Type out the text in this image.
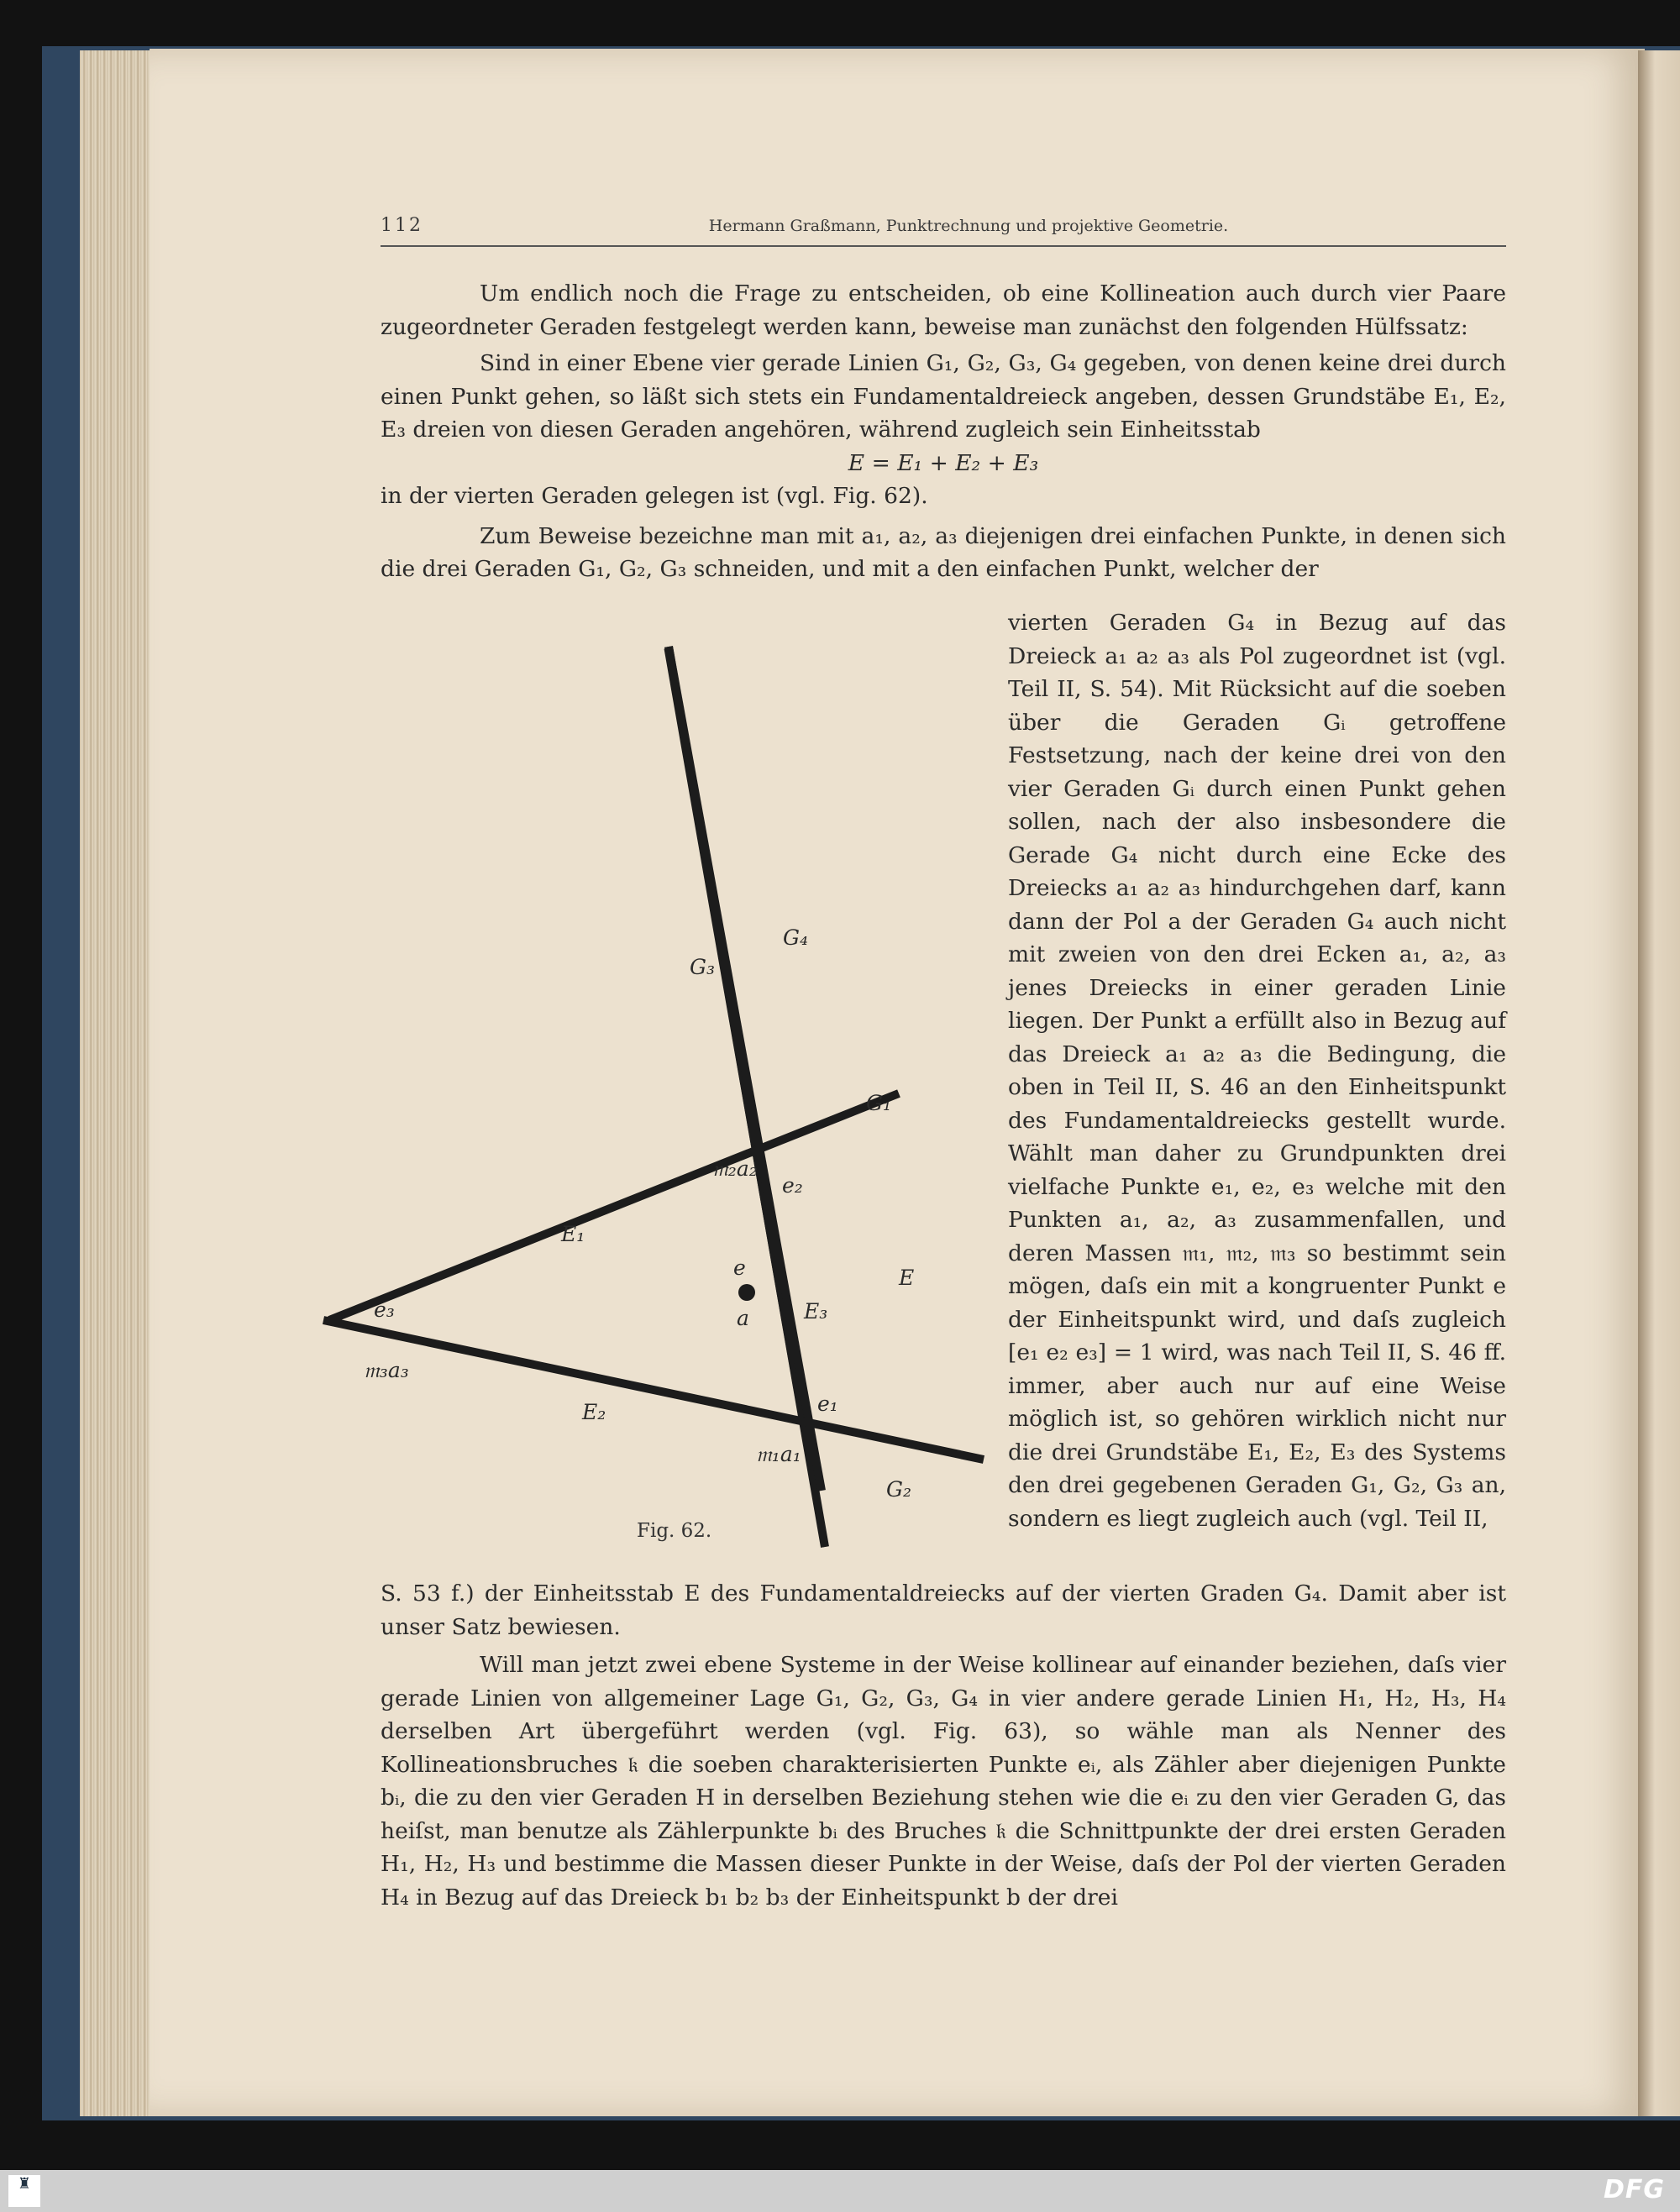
112	Hermann Graßmann, Punktrechnung und projektive Geometrie.

Um endlich noch die Frage zu entscheiden, ob eine Kollineation auch durch vier Paare zugeordneter Geraden festgelegt werden kann, beweise man zunächst den folgenden Hülfssatz:

Sind in einer Ebene vier gerade Linien G₁, G₂, G₃, G₄ gegeben, von denen keine drei durch einen Punkt gehen, so läßt sich stets ein Fundamentaldreieck angeben, dessen Grundstäbe E₁, E₂, E₃ dreien von diesen Geraden angehören, während zugleich sein Einheitsstab

E = E₁ + E₂ + E₃

in der vierten Geraden gelegen ist (vgl. Fig. 62).

Zum Beweise bezeichne man mit a₁, a₂, a₃ diejenigen drei einfachen Punkte, in denen sich die drei Geraden G₁, G₂, G₃ schneiden, und mit a den einfachen Punkt, welcher der

vierten Geraden G₄ in Bezug auf das Dreieck a₁ a₂ a₃ als Pol zugeordnet ist (vgl. Teil II, S. 54). Mit Rücksicht auf die soeben über die Geraden Gᵢ getroffene Festsetzung, nach der keine drei von den vier Geraden Gᵢ durch einen Punkt gehen sollen, nach der also insbesondere die Gerade G₄ nicht durch eine Ecke des Dreiecks a₁ a₂ a₃ hindurchgehen darf, kann dann der Pol a der Geraden G₄ auch nicht mit zweien von den drei Ecken a₁, a₂, a₃ jenes Dreiecks in einer geraden Linie liegen. Der Punkt a erfüllt also in Bezug auf das Dreieck a₁ a₂ a₃ die Bedingung, die oben in Teil II, S. 46 an den Einheitspunkt des Fundamentaldreiecks gestellt wurde. Wählt man daher zu Grundpunkten drei vielfache Punkte e₁, e₂, e₃ welche mit den Punkten a₁, a₂, a₃ zusammenfallen, und deren Massen 𝔪₁, 𝔪₂, 𝔪₃ so bestimmt sein mögen, daſs ein mit a kongruenter Punkt e der Einheitspunkt wird, und daſs zugleich [e₁ e₂ e₃] = 1 wird, was nach Teil II, S. 46 ff. immer, aber auch nur auf eine Weise möglich ist, so gehören wirklich nicht nur die drei Grundstäbe E₁, E₂, E₃ des Systems den drei gegebenen Geraden G₁, G₂, G₃ an, sondern es liegt zugleich auch (vgl. Teil II,

G₄
G₃
G₁
𝔪₂a₂
e₂
E₁
e	E
E₃
a
e₃
𝔪₃a₃
e₁
E₂
𝔪₁a₁
G₂
Fig. 62.

S. 53 f.) der Einheitsstab E des Fundamentaldreiecks auf der vierten Graden G₄. Damit aber ist unser Satz bewiesen.

Will man jetzt zwei ebene Systeme in der Weise kollinear auf einander beziehen, daſs vier gerade Linien von allgemeiner Lage G₁, G₂, G₃, G₄ in vier andere gerade Linien H₁, H₂, H₃, H₄ derselben Art übergeführt werden (vgl. Fig. 63), so wähle man als Nenner des Kollineationsbruches 𝔨 die soeben charakterisierten Punkte eᵢ, als Zähler aber diejenigen Punkte bᵢ, die zu den vier Geraden H in derselben Beziehung stehen wie die eᵢ zu den vier Geraden G, das heiſst, man benutze als Zählerpunkte bᵢ des Bruches 𝔨 die Schnittpunkte der drei ersten Geraden H₁, H₂, H₃ und bestimme die Massen dieser Punkte in der Weise, daſs der Pol der vierten Geraden H₄ in Bezug auf das Dreieck b₁ b₂ b₃ der Einheitspunkt b der drei

♜	DFG
